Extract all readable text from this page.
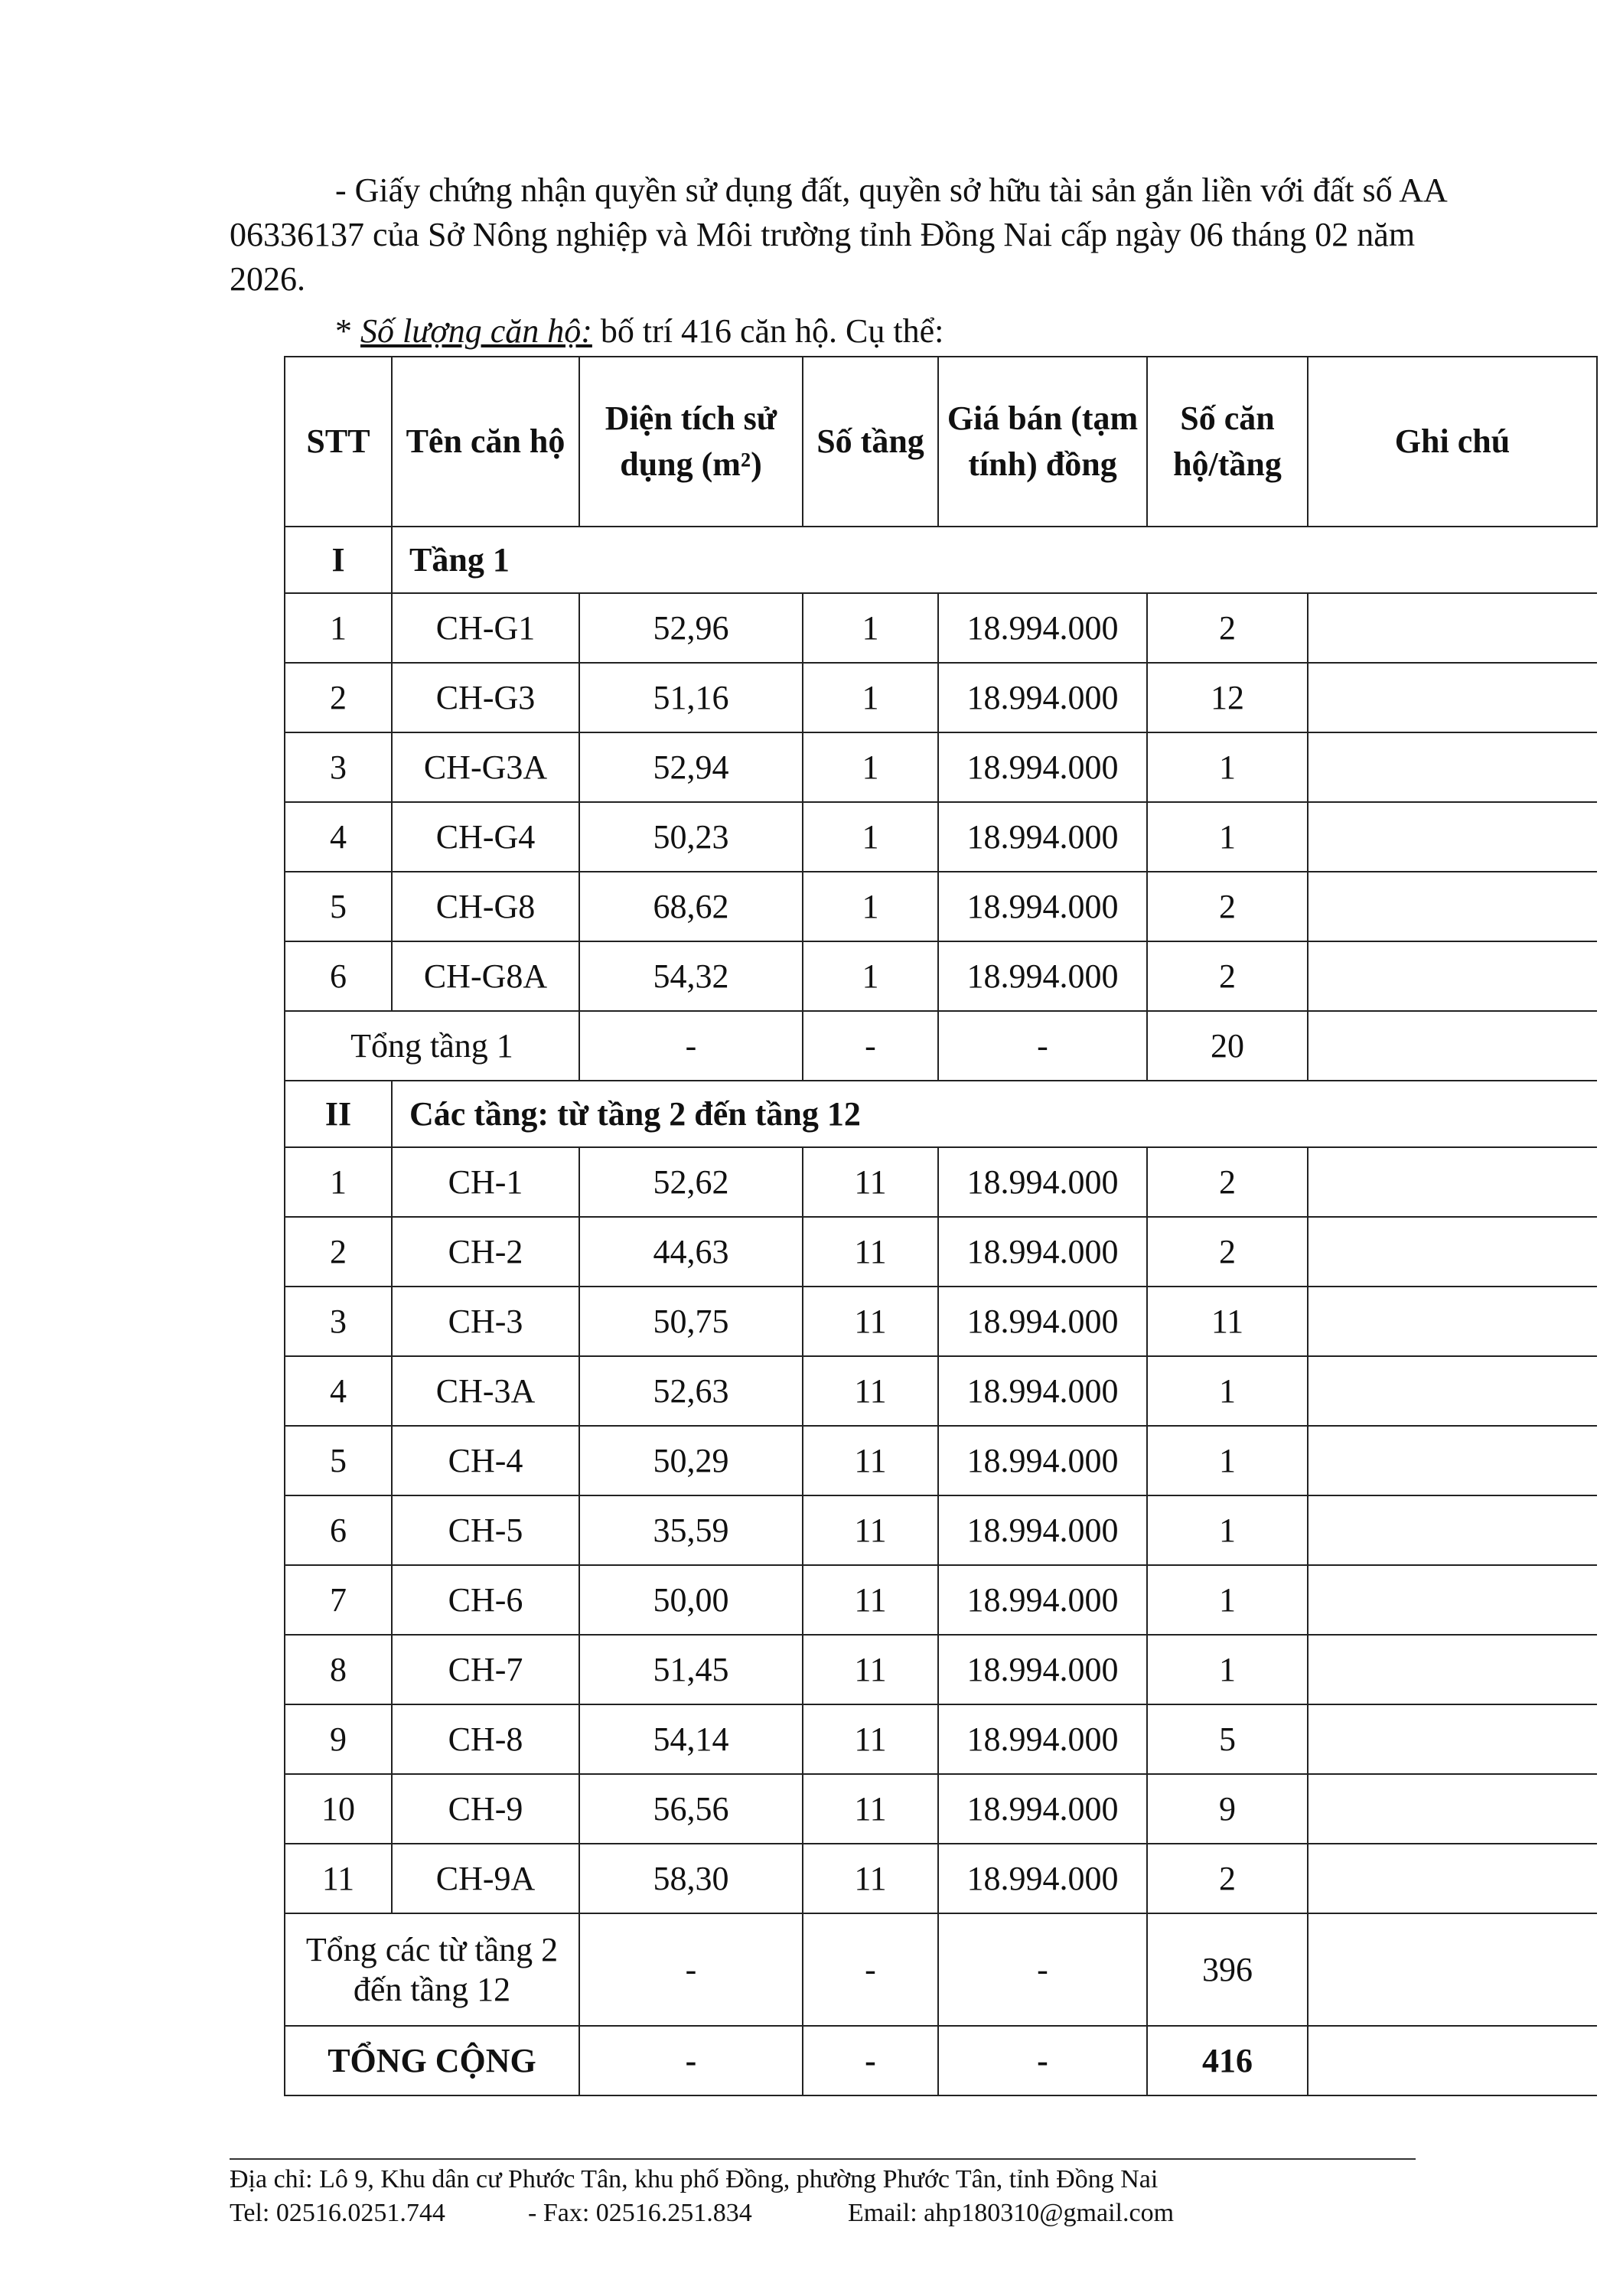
- Giấy chứng nhận quyền sử dụng đất, quyền sở hữu tài sản gắn liền với đất số AA 06336137 của Sở Nông nghiệp và Môi trường tỉnh Đồng Nai cấp ngày 06 tháng 02 năm 2026.
* Số lượng căn hộ: bố trí 416 căn hộ. Cụ thể:
STT	Tên căn hộ	Diện tích sử dụng (m²)	Số tầng	Giá bán (tạm tính) đồng	Số căn hộ/tầng	Ghi chú
I	Tầng 1					
1	CH-G1	52,96	1	18.994.000	2	
2	CH-G3	51,16	1	18.994.000	12	
3	CH-G3A	52,94	1	18.994.000	1	
4	CH-G4	50,23	1	18.994.000	1	
5	CH-G8	68,62	1	18.994.000	2	
6	CH-G8A	54,32	1	18.994.000	2	
Tổng tầng 1		-	-	-	20	
II	Các tầng: từ tầng 2 đến tầng 12					
1	CH-1	52,62	11	18.994.000	2	
2	CH-2	44,63	11	18.994.000	2	
3	CH-3	50,75	11	18.994.000	11	
4	CH-3A	52,63	11	18.994.000	1	
5	CH-4	50,29	11	18.994.000	1	
6	CH-5	35,59	11	18.994.000	1	
7	CH-6	50,00	11	18.994.000	1	
8	CH-7	51,45	11	18.994.000	1	
9	CH-8	54,14	11	18.994.000	5	
10	CH-9	56,56	11	18.994.000	9	
11	CH-9A	58,30	11	18.994.000	2	
Tổng các từ tầng 2 đến tầng 12		-	-	-	396	
TỔNG CỘNG		-	-	-	416	
Địa chỉ: Lô 9, Khu dân cư Phước Tân, khu phố Đồng, phường Phước Tân, tỉnh Đồng Nai
Tel: 02516.0251.744	- Fax: 02516.251.834	Email: ahp180310@gmail.com
